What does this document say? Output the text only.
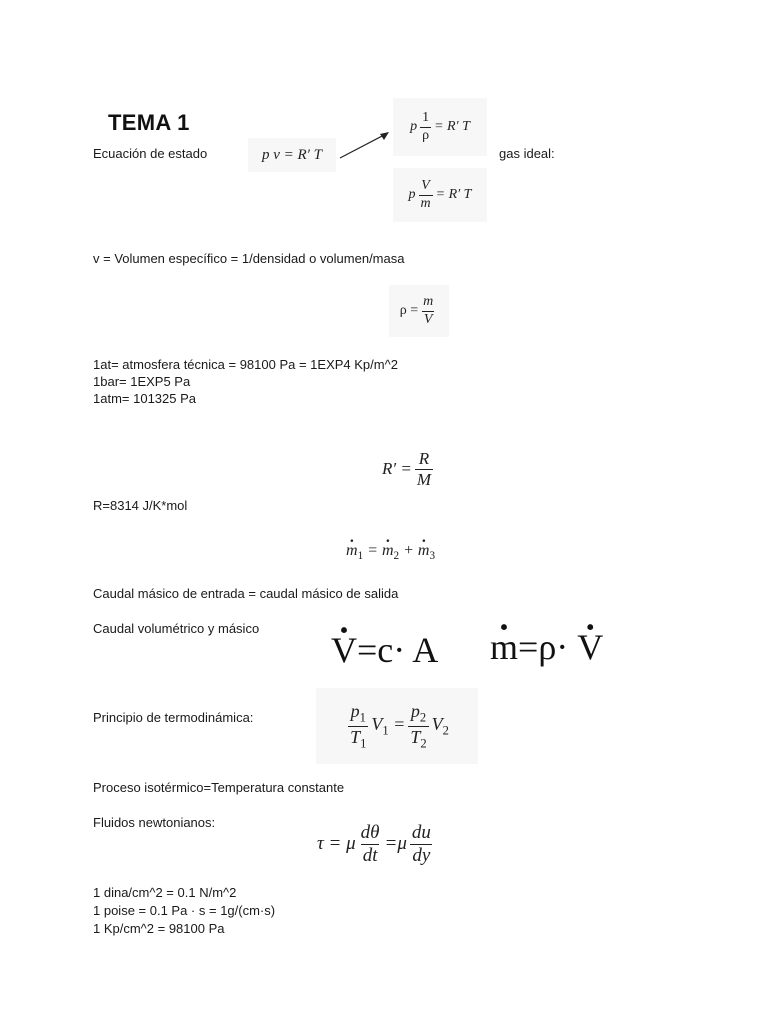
TEMA 1
Ecuación de estado	p v = R′ T
p $\frac{1}{\rho} = R'$ T
p $\frac{V}{m} = R'$ T
gas ideal:
v = Volumen específico = 1/densidad o volumen/masa
$\rho = \frac{m}{V}$
1at= atmosfera técnica = 98100 Pa = 1EXP4 Kp/m^2
1bar= 1EXP5 Pa
1atm= 101325 Pa
$R' = \frac{R}{M}$
R=8314 J/K*mol
· $m_1$ = · $m_2$ + · $m_3$
Caudal másico de entrada = caudal másico de salida
Caudal volumétrico y másico
· V=c· A · m=ρ· · V
Principio de termodinámica:	$\frac{p_1}{T_1} V_1 = \frac{p_2}{T_2} V_2$
Proceso isotérmico=Temperatura constante
Fluidos newtonianos:
τ = μ $\frac{d\theta}{dt} =\mu \frac{du}{dy}$
1 dina/cm^2 = 0.1 N/m^2
1 poise = 0.1 Pa · s = 1g/(cm·s)
1 Kp/cm^2 = 98100 Pa
